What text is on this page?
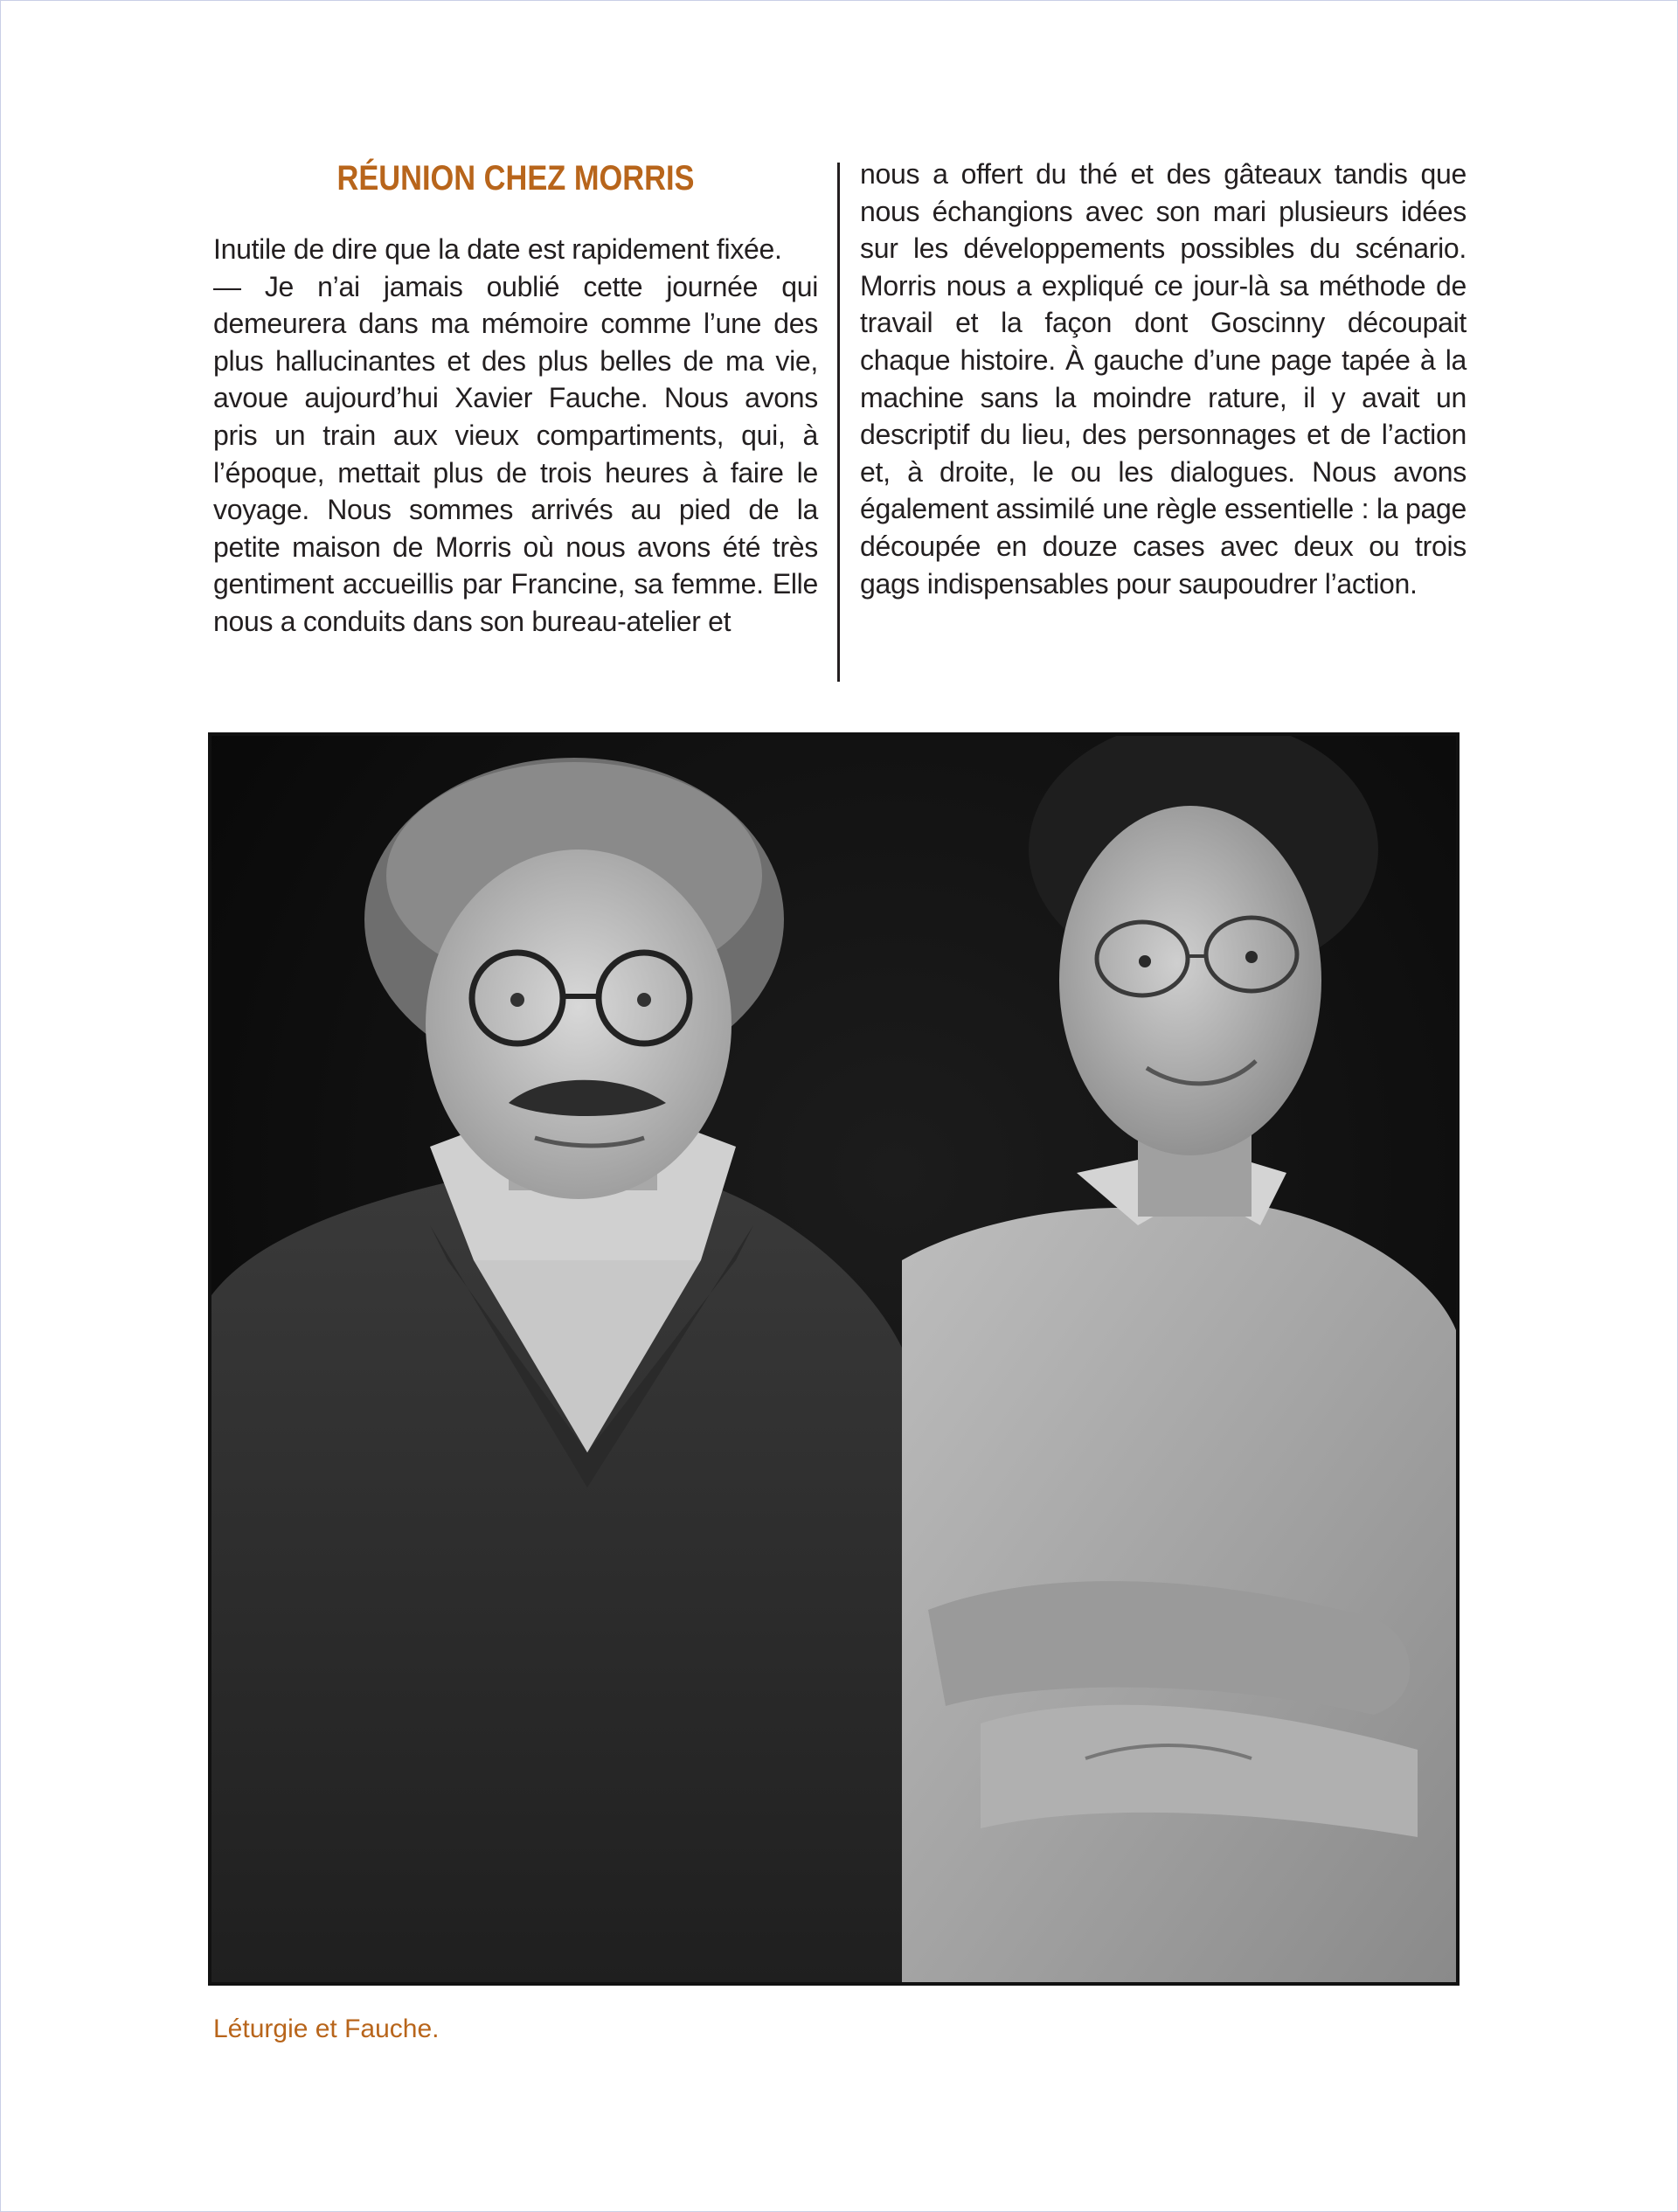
RÉUNION CHEZ MORRIS

Inutile de dire que la date est rapidement fixée.

— Je n’ai jamais oublié cette journée qui demeurera dans ma mémoire comme l’une des plus hallucinantes et des plus belles de ma vie, avoue aujourd’hui Xavier Fauche. Nous avons pris un train aux vieux compartiments, qui, à l’époque, mettait plus de trois heures à faire le voyage. Nous sommes arrivés au pied de la petite maison de Morris où nous avons été très gentiment accueillis par Francine, sa femme. Elle nous a conduits dans son bureau-atelier et

nous a offert du thé et des gâteaux tandis que nous échangions avec son mari plusieurs idées sur les développements possibles du scénario. Morris nous a expliqué ce jour-là sa méthode de travail et la façon dont Goscinny découpait chaque histoire. À gauche d’une page tapée à la machine sans la moindre rature, il y avait un descriptif du lieu, des personnages et de l’action et, à droite, le ou les dialogues. Nous avons également assimilé une règle essentielle : la page découpée en douze cases avec deux ou trois gags indispensables pour saupoudrer l’action.

Léturgie et Fauche.
